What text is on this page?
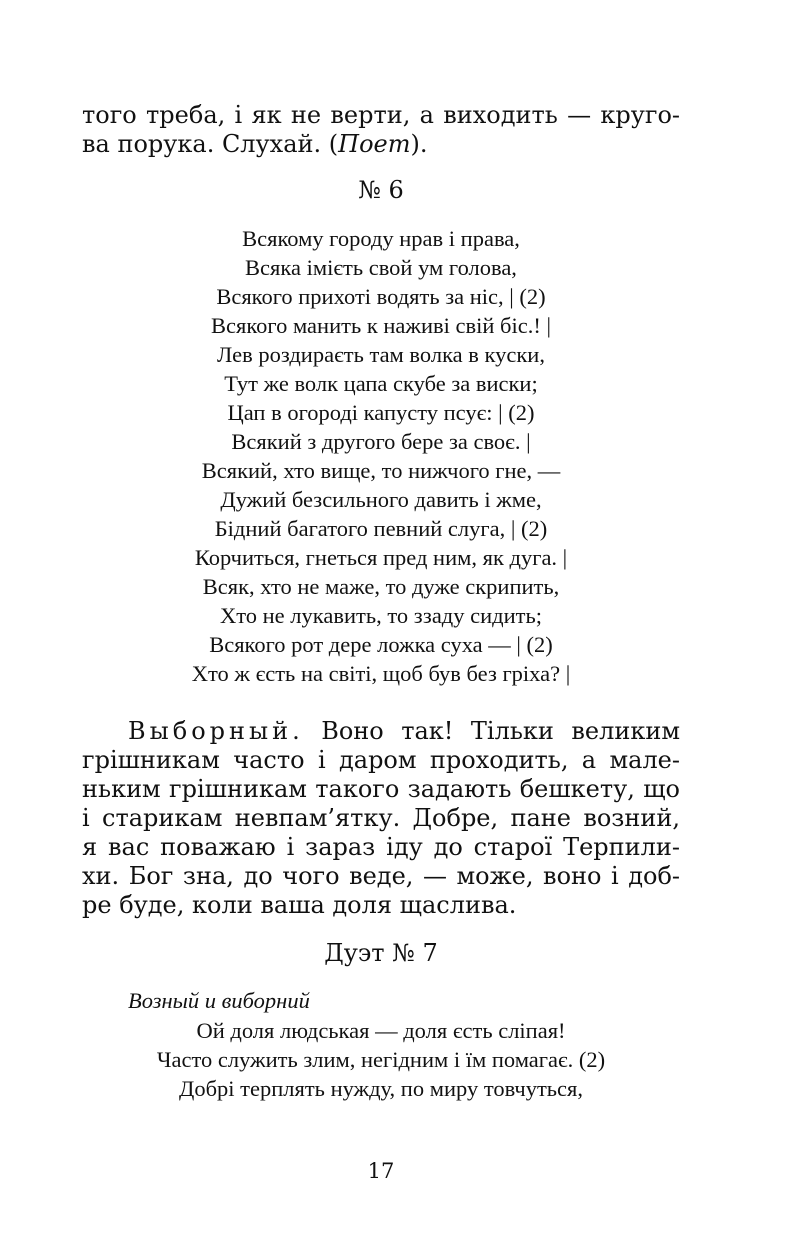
того треба, і як не верти, а виходить — круго-
ва порука. Слухай. (Поет).

№ 6

Всякому городу нрав і права,
Всяка імієть свой ум голова,
Всякого прихоті водять за ніс, | (2)
Всякого манить к наживі свій біс.! |
Лев роздираєть там волка в куски,
Тут же волк цапа скубе за виски;
Цап в огороді капусту псує: | (2)
Всякий з другого бере за своє. |
Всякий, хто вище, то нижчого гне, —
Дужий безсильного давить і жме,
Бідний багатого певний слуга, | (2)
Корчиться, гнеться пред ним, як дуга. |
Всяк, хто не маже, то дуже скрипить,
Хто не лукавить, то ззаду сидить;
Всякого рот дере ложка суха — | (2)
Хто ж єсть на світі, щоб був без гріха? |
Выборный. Воно так! Тільки великим
грішникам часто і даром проходить, а мале-
ньким грішникам такого задають бешкету, що
і старикам невпам’ятку. Добре, пане возний,
я вас поважаю і зараз іду до старої Терпили-
хи. Бог зна, до чого веде, — може, воно і доб-
ре буде, коли ваша доля щаслива.

Дуэт № 7

Возный и виборний

Ой доля людськая — доля єсть сліпая!
Часто служить злим, негідним і їм помагає. (2)
Добрі терплять нужду, по миру товчуться,

17
